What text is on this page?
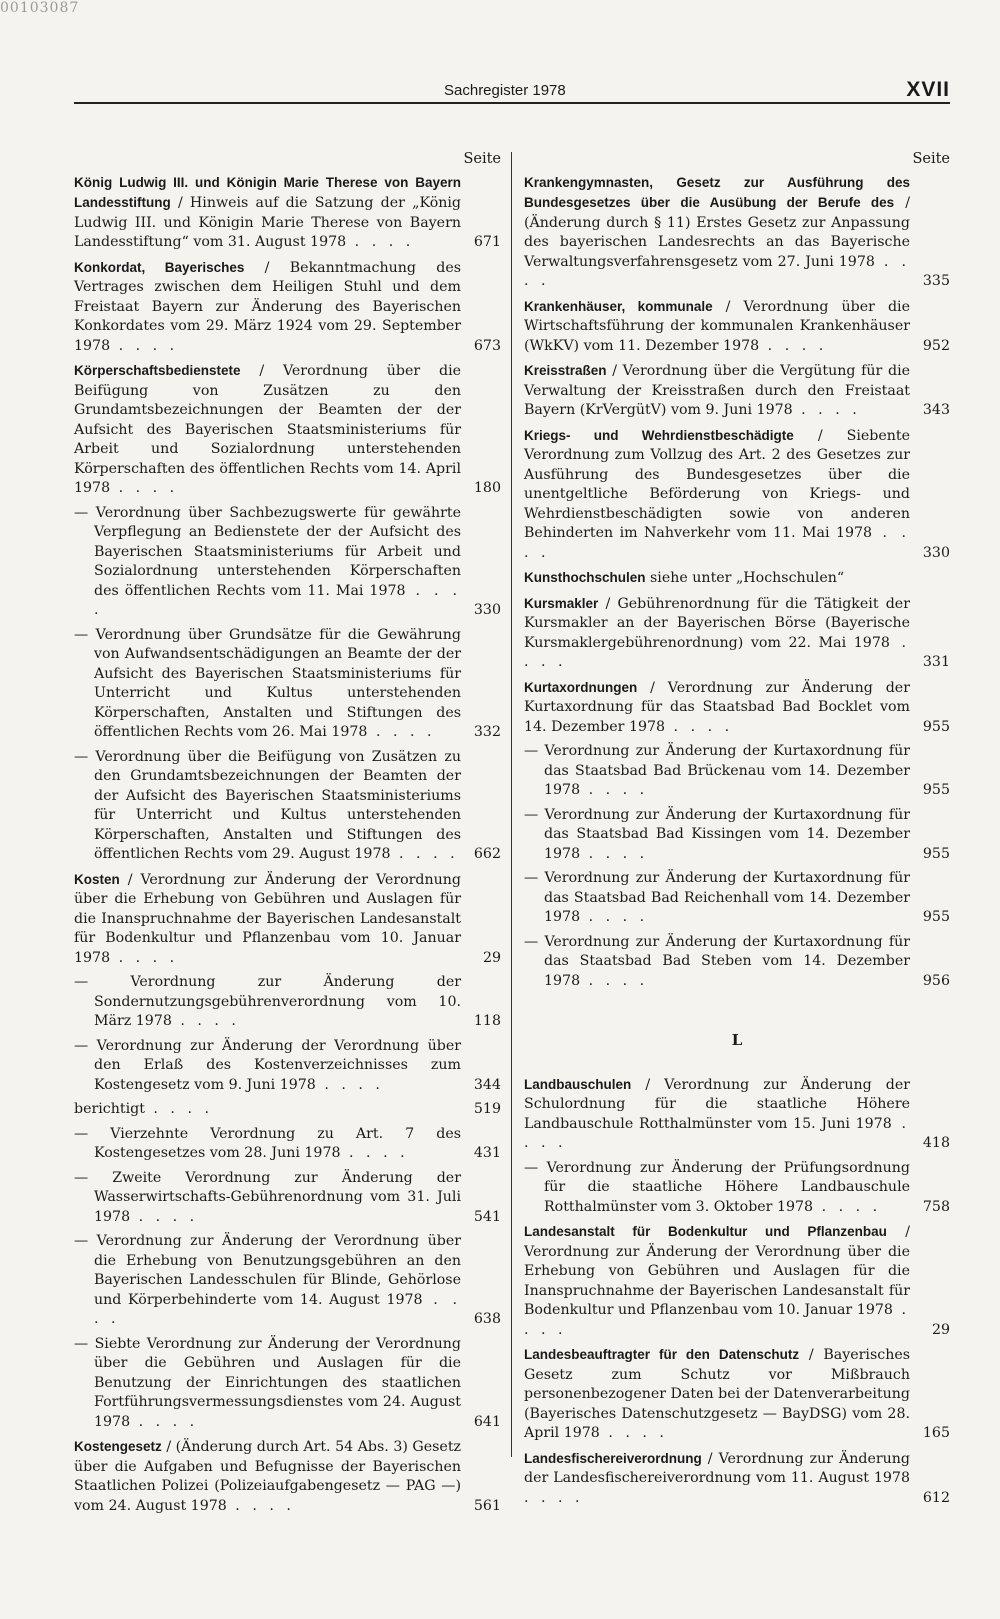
00103087
Sachregister 1978	XVII
Seite
König Ludwig III. und Königin Marie Therese von Bayern Landesstiftung / Hinweis auf die Satzung der „König Ludwig III. und Königin Marie Therese von Bayern Landesstiftung“ vom 31. August 1978 . . . .	671
Konkordat, Bayerisches / Bekanntmachung des Vertrages zwischen dem Heiligen Stuhl und dem Freistaat Bayern zur Änderung des Bayerischen Konkordates vom 29. März 1924 vom 29. September 1978 . . . .	673
Körperschaftsbedienstete / Verordnung über die Beifügung von Zusätzen zu den Grundamtsbezeichnungen der Beamten der der Aufsicht des Bayerischen Staatsministeriums für Arbeit und Sozialordnung unterstehenden Körperschaften des öffentlichen Rechts vom 14. April 1978 . . . .	180
— Verordnung über Sachbezugswerte für gewährte Verpflegung an Bedienstete der der Aufsicht des Bayerischen Staatsministeriums für Arbeit und Sozialordnung unterstehenden Körperschaften des öffentlichen Rechts vom 11. Mai 1978 . . . .	330
— Verordnung über Grundsätze für die Gewährung von Aufwandsentschädigungen an Beamte der der Aufsicht des Bayerischen Staatsministeriums für Unterricht und Kultus unterstehenden Körperschaften, Anstalten und Stiftungen des öffentlichen Rechts vom 26. Mai 1978 . . . .	332
— Verordnung über die Beifügung von Zusätzen zu den Grundamtsbezeichnungen der Beamten der der Aufsicht des Bayerischen Staatsministeriums für Unterricht und Kultus unterstehenden Körperschaften, Anstalten und Stiftungen des öffentlichen Rechts vom 29. August 1978 . . . .	662
Kosten / Verordnung zur Änderung der Verordnung über die Erhebung von Gebühren und Auslagen für die Inanspruchnahme der Bayerischen Landesanstalt für Bodenkultur und Pflanzenbau vom 10. Januar 1978 . . . .	29
— Verordnung zur Änderung der Sondernutzungsgebührenverordnung vom 10. März 1978 . . . .	118
— Verordnung zur Änderung der Verordnung über den Erlaß des Kostenverzeichnisses zum Kostengesetz vom 9. Juni 1978 . . . .	344
berichtigt . . . .	519
— Vierzehnte Verordnung zu Art. 7 des Kostengesetzes vom 28. Juni 1978 . . . .	431
— Zweite Verordnung zur Änderung der Wasserwirtschafts-Gebührenordnung vom 31. Juli 1978 . . . .	541
— Verordnung zur Änderung der Verordnung über die Erhebung von Benutzungsgebühren an den Bayerischen Landesschulen für Blinde, Gehörlose und Körperbehinderte vom 14. August 1978 . . . .	638
— Siebte Verordnung zur Änderung der Verordnung über die Gebühren und Auslagen für die Benutzung der Einrichtungen des staatlichen Fortführungsvermessungsdienstes vom 24. August 1978 . . . .	641
Kostengesetz / (Änderung durch Art. 54 Abs. 3) Gesetz über die Aufgaben und Befugnisse der Bayerischen Staatlichen Polizei (Polizeiaufgabengesetz — PAG —) vom 24. August 1978 . . . .	561
Seite
Krankengymnasten, Gesetz zur Ausführung des Bundesgesetzes über die Ausübung der Berufe des / (Änderung durch § 11) Erstes Gesetz zur Anpassung des bayerischen Landesrechts an das Bayerische Verwaltungsverfahrensgesetz vom 27. Juni 1978 . . . .	335
Krankenhäuser, kommunale / Verordnung über die Wirtschaftsführung der kommunalen Krankenhäuser (WkKV) vom 11. Dezember 1978 . . . .	952
Kreisstraßen / Verordnung über die Vergütung für die Verwaltung der Kreisstraßen durch den Freistaat Bayern (KrVergütV) vom 9. Juni 1978 . . . .	343
Kriegs- und Wehrdienstbeschädigte / Siebente Verordnung zum Vollzug des Art. 2 des Gesetzes zur Ausführung des Bundesgesetzes über die unentgeltliche Beförderung von Kriegs- und Wehrdienstbeschädigten sowie von anderen Behinderten im Nahverkehr vom 11. Mai 1978 . . . .	330
Kunsthochschulen siehe unter „Hochschulen“
Kursmakler / Gebührenordnung für die Tätigkeit der Kursmakler an der Bayerischen Börse (Bayerische Kursmaklergebührenordnung) vom 22. Mai 1978 . . . .	331
Kurtaxordnungen / Verordnung zur Änderung der Kurtaxordnung für das Staatsbad Bad Bocklet vom 14. Dezember 1978 . . . .	955
— Verordnung zur Änderung der Kurtaxordnung für das Staatsbad Bad Brückenau vom 14. Dezember 1978 . . . .	955
— Verordnung zur Änderung der Kurtaxordnung für das Staatsbad Bad Kissingen vom 14. Dezember 1978 . . . .	955
— Verordnung zur Änderung der Kurtaxordnung für das Staatsbad Bad Reichenhall vom 14. Dezember 1978 . . . .	955
— Verordnung zur Änderung der Kurtaxordnung für das Staatsbad Bad Steben vom 14. Dezember 1978 . . . .	956
L
Landbauschulen / Verordnung zur Änderung der Schulordnung für die staatliche Höhere Landbauschule Rotthalmünster vom 15. Juni 1978 . . . .	418
— Verordnung zur Änderung der Prüfungsordnung für die staatliche Höhere Landbauschule Rotthalmünster vom 3. Oktober 1978 . . . .	758
Landesanstalt für Bodenkultur und Pflanzenbau / Verordnung zur Änderung der Verordnung über die Erhebung von Gebühren und Auslagen für die Inanspruchnahme der Bayerischen Landesanstalt für Bodenkultur und Pflanzenbau vom 10. Januar 1978 . . . .	29
Landesbeauftragter für den Datenschutz / Bayerisches Gesetz zum Schutz vor Mißbrauch personenbezogener Daten bei der Datenverarbeitung (Bayerisches Datenschutzgesetz — BayDSG) vom 28. April 1978 . . . .	165
Landesfischereiverordnung / Verordnung zur Änderung der Landesfischereiverordnung vom 11. August 1978 . . . .	612
